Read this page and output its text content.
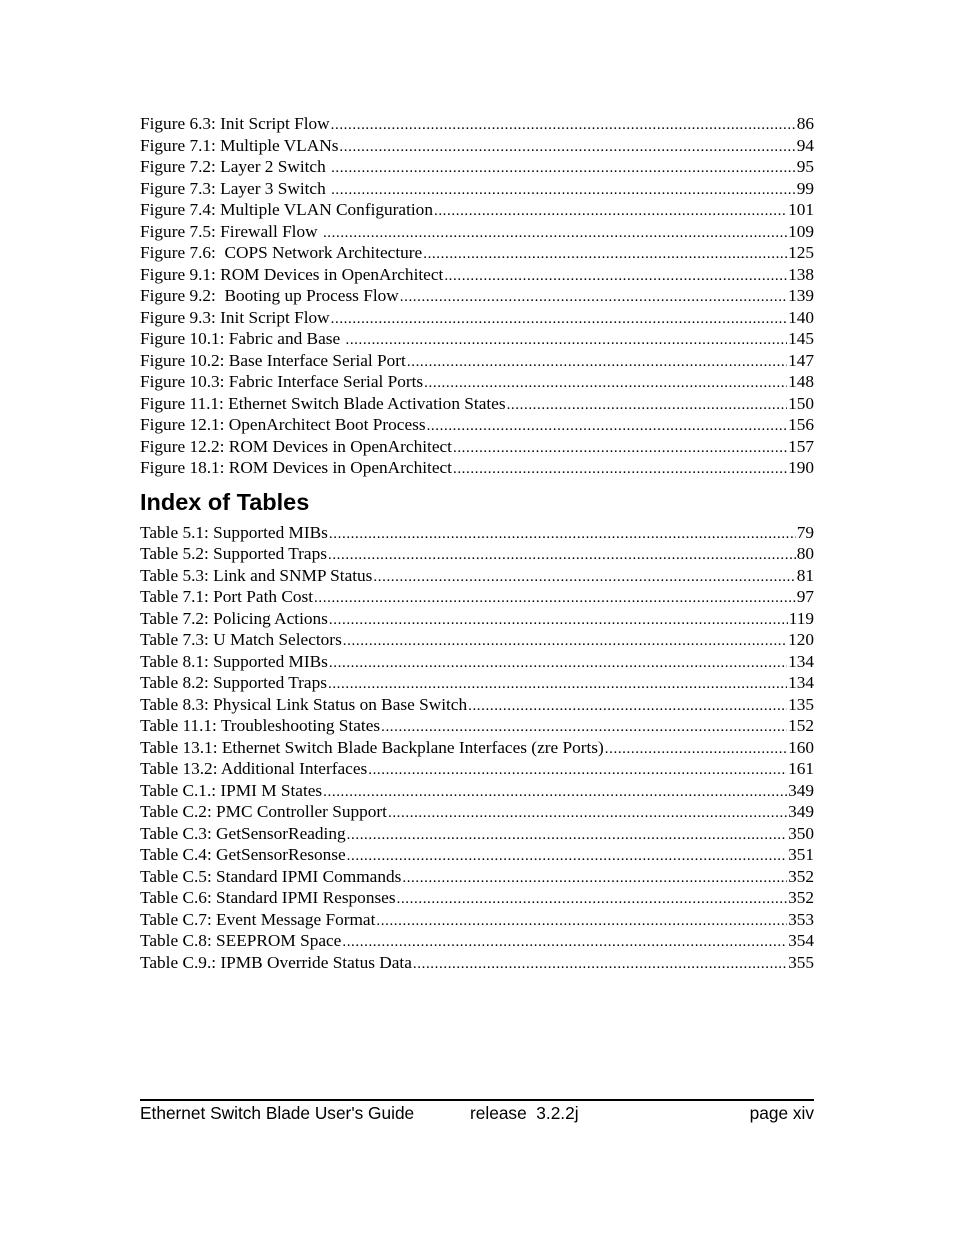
Figure 6.3: Init Script Flow .....	86
Figure 7.1: Multiple VLANs .....	94
Figure 7.2: Layer 2 Switch .....	95
Figure 7.3: Layer 3 Switch .....	99
Figure 7.4: Multiple VLAN Configuration .....	101
Figure 7.5: Firewall Flow .....	109
Figure 7.6:  COPS Network Architecture .....	125
Figure 9.1: ROM Devices in OpenArchitect .....	138
Figure 9.2:  Booting up Process Flow .....	139
Figure 9.3: Init Script Flow .....	140
Figure 10.1: Fabric and Base .....	145
Figure 10.2: Base Interface Serial Port .....	147
Figure 10.3: Fabric Interface Serial Ports .....	148
Figure 11.1: Ethernet Switch Blade Activation States .....	150
Figure 12.1: OpenArchitect Boot Process .....	156
Figure 12.2: ROM Devices in OpenArchitect .....	157
Figure 18.1: ROM Devices in OpenArchitect .....	190
Index of Tables
Table 5.1: Supported MIBs .....	79
Table 5.2: Supported Traps .....	80
Table 5.3: Link and SNMP Status .....	81
Table 7.1: Port Path Cost .....	97
Table 7.2: Policing Actions .....	119
Table 7.3: U Match Selectors .....	120
Table 8.1: Supported MIBs .....	134
Table 8.2: Supported Traps .....	134
Table 8.3: Physical Link Status on Base Switch .....	135
Table 11.1: Troubleshooting States .....	152
Table 13.1: Ethernet Switch Blade Backplane Interfaces (zre Ports) .....	160
Table 13.2: Additional Interfaces .....	161
Table C.1.: IPMI M States .....	349
Table C.2: PMC Controller Support .....	349
Table C.3: GetSensorReading .....	350
Table C.4: GetSensorResonse .....	351
Table C.5: Standard IPMI Commands .....	352
Table C.6: Standard IPMI Responses .....	352
Table C.7: Event Message Format .....	353
Table C.8: SEEPROM Space .....	354
Table C.9.: IPMB Override Status Data .....	355
Ethernet Switch Blade User's Guide	release  3.2.2j	page xiv
